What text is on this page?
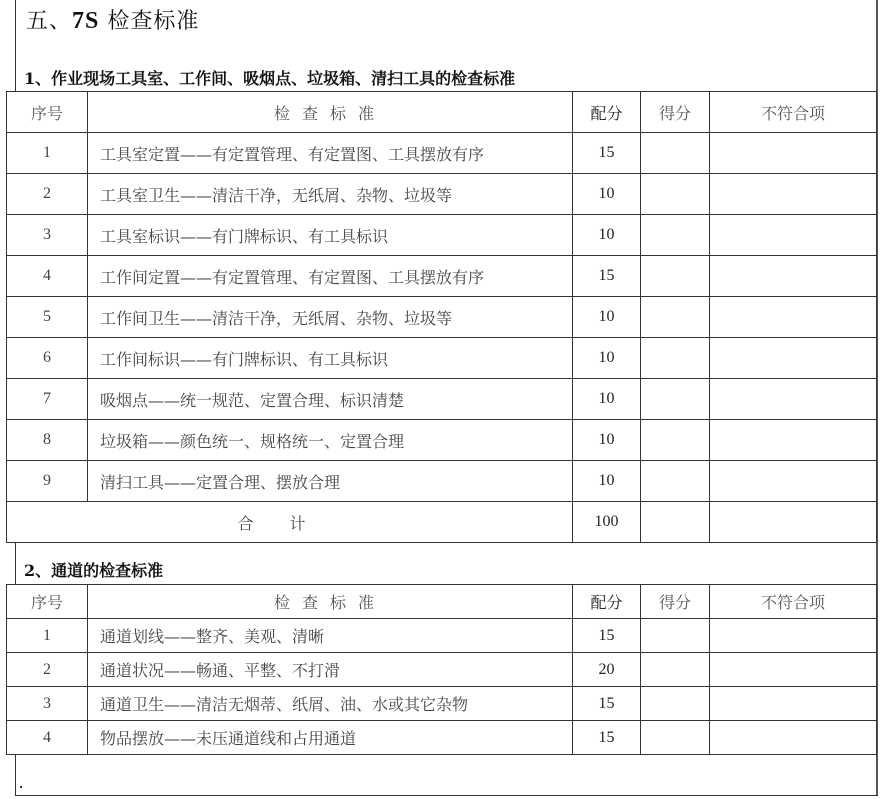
五、7S 检查标准
1、作业现场工具室、工作间、吸烟点、垃圾箱、清扫工具的检查标准
序号	检查标准	配分	得分	不符合项
1	工具室定置——有定置管理、有定置图、工具摆放有序	15		
2	工具室卫生——清洁干净，无纸屑、杂物、垃圾等	10		
3	工具室标识——有门牌标识、有工具标识	10		
4	工作间定置——有定置管理、有定置图、工具摆放有序	15		
5	工作间卫生——清洁干净，无纸屑、杂物、垃圾等	10		
6	工作间标识——有门牌标识、有工具标识	10		
7	吸烟点——统一规范、定置合理、标识清楚	10		
8	垃圾箱——颜色统一、规格统一、定置合理	10		
9	清扫工具——定置合理、摆放合理	10		
合计		100		
2、通道的检查标准
序号	检查标准	配分	得分	不符合项
1	通道划线——整齐、美观、清晰	15		
2	通道状况——畅通、平整、不打滑	20		
3	通道卫生——清洁无烟蒂、纸屑、油、水或其它杂物	15		
4	物品摆放——未压通道线和占用通道	15		
